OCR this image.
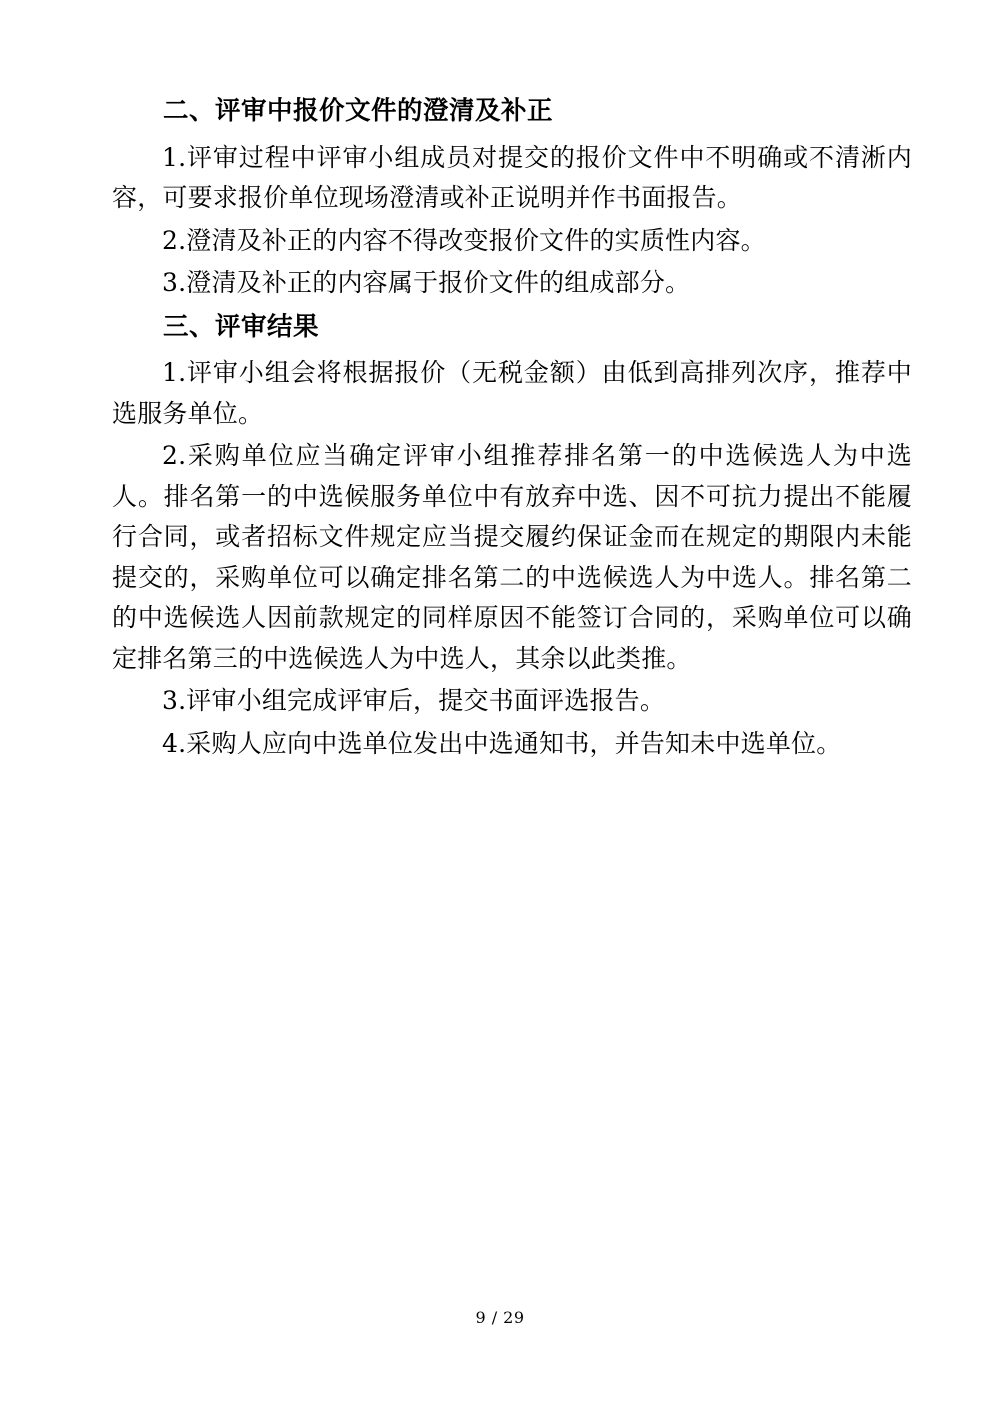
二、评审中报价文件的澄清及补正

1.评审过程中评审小组成员对提交的报价文件中不明确或不清淅内容，可要求报价单位现场澄清或补正说明并作书面报告。

2.澄清及补正的内容不得改变报价文件的实质性内容。

3.澄清及补正的内容属于报价文件的组成部分。

三、评审结果

1.评审小组会将根据报价（无税金额）由低到高排列次序，推荐中选服务单位。

2.采购单位应当确定评审小组推荐排名第一的中选候选人为中选人。排名第一的中选候服务单位中有放弃中选、因不可抗力提出不能履行合同，或者招标文件规定应当提交履约保证金而在规定的期限内未能提交的，采购单位可以确定排名第二的中选候选人为中选人。排名第二的中选候选人因前款规定的同样原因不能签订合同的，采购单位可以确定排名第三的中选候选人为中选人，其余以此类推。

3.评审小组完成评审后，提交书面评选报告。

4.采购人应向中选单位发出中选通知书，并告知未中选单位。

9 / 29
